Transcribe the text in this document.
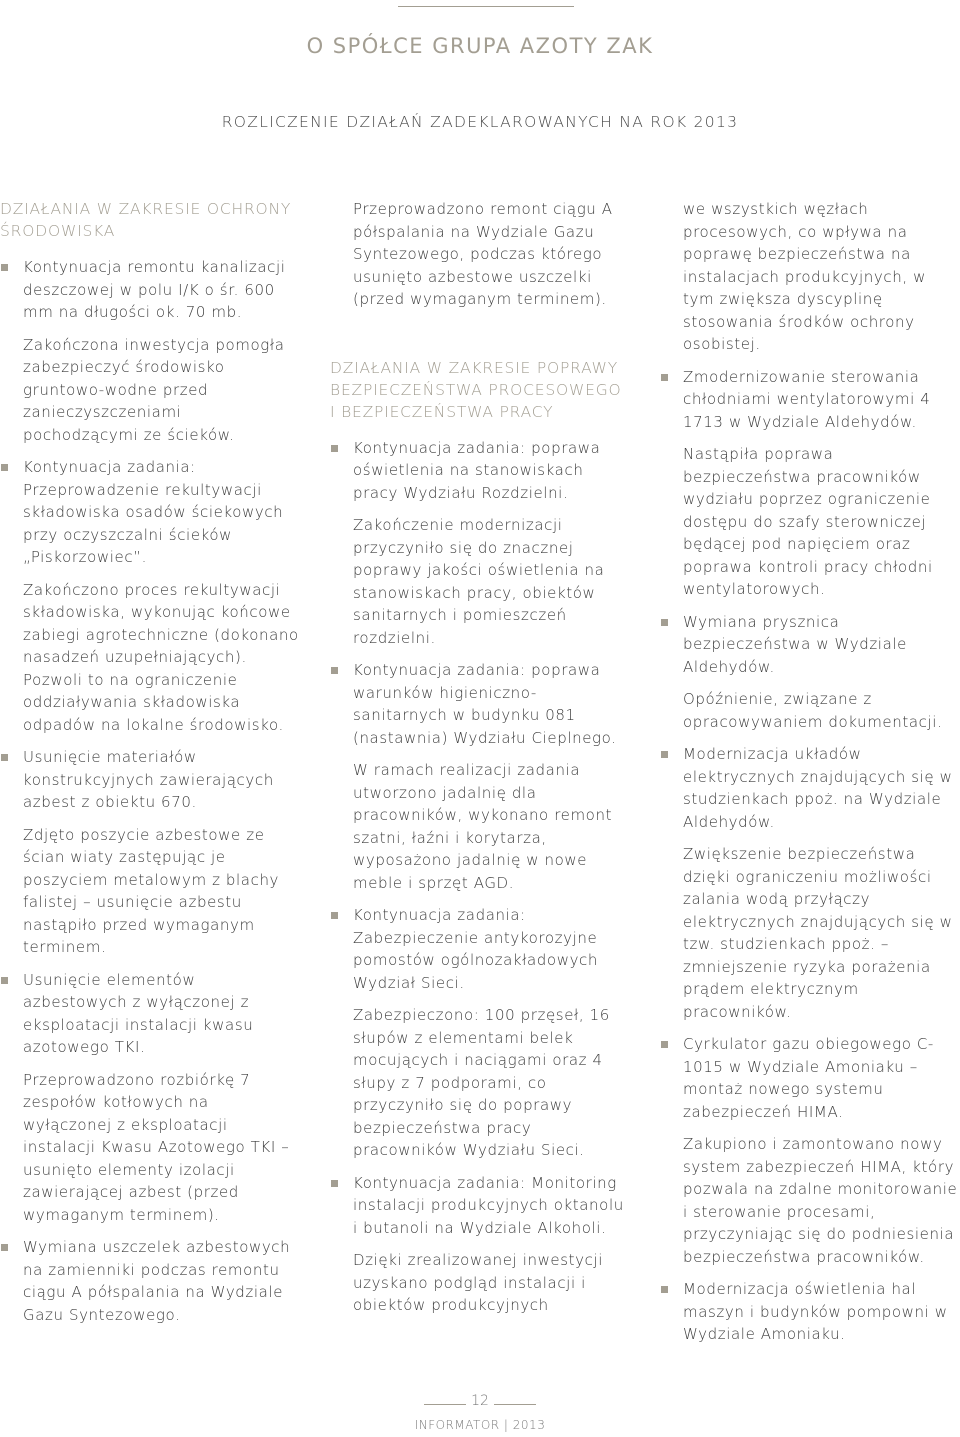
O SPÓŁCE GRUPA AZOTY ZAK
ROZLICZENIE DZIAŁAŃ ZADEKLAROWANYCH NA ROK 2013
DZIAŁANIA W ZAKRESIE OCHRONY ŚRODOWISKA

Kontynuacja remontu kanalizacji deszczowej w polu I/K o śr. 600 mm na długości ok. 70 mb.

Zakończona inwestycja pomogła zabezpieczyć środowisko gruntowo-wodne przed zanieczyszczeniami pochodzącymi ze ścieków.

Kontynuacja zadania: Przeprowadzenie rekultywacji składowiska osadów ściekowych przy oczyszczalni ścieków „Piskorzowiec”.

Zakończono proces rekultywacji składowiska, wykonując końcowe zabiegi agrotechniczne (dokonano nasadzeń uzupełniających). Pozwoli to na ograniczenie oddziaływania składowiska odpadów na lokalne środowisko.

Usunięcie materiałów konstrukcyjnych zawierających azbest z obiektu 670.

Zdjęto poszycie azbestowe ze ścian wiaty zastępując je poszyciem metalowym z blachy falistej – usunięcie azbestu nastąpiło przed wymaganym terminem.

Usunięcie elementów azbestowych z wyłączonej z eksploatacji instalacji kwasu azotowego TKI.

Przeprowadzono rozbiórkę 7 zespołów kotłowych na wyłączonej z eksploatacji instalacji Kwasu Azotowego TKI – usunięto elementy izolacji zawierającej azbest (przed wymaganym terminem).

Wymiana uszczelek azbestowych na zamienniki podczas remontu ciągu A półspalania na Wydziale Gazu Syntezowego.

Przeprowadzono remont ciągu A półspalania na Wydziale Gazu Syntezowego, podczas którego usunięto azbestowe uszczelki (przed wymaganym terminem).
DZIAŁANIA W ZAKRESIE POPRAWY BEZPIECZEŃSTWA PROCESOWEGO I BEZPIECZEŃSTWA PRACY

Kontynuacja zadania: poprawa oświetlenia na stanowiskach pracy Wydziału Rozdzielni.

Zakończenie modernizacji przyczyniło się do znacznej poprawy jakości oświetlenia na stanowiskach pracy, obiektów sanitarnych i pomieszczeń rozdzielni.

Kontynuacja zadania: poprawa warunków higieniczno-sanitarnych w budynku 081 (nastawnia) Wydziału Cieplnego.

W ramach realizacji zadania utworzono jadalnię dla pracowników, wykonano remont szatni, łaźni i korytarza, wyposażono jadalnię w nowe meble i sprzęt AGD.

Kontynuacja zadania: Zabezpieczenie antykorozyjne pomostów ogólnozakładowych Wydział Sieci.

Zabezpieczono: 100 przęseł, 16 słupów z elementami belek mocujących i naciągami oraz 4 słupy z 7 podporami, co przyczyniło się do poprawy bezpieczeństwa pracy pracowników Wydziału Sieci.

Kontynuacja zadania: Monitoring instalacji produkcyjnych oktanolu i butanoli na Wydziale Alkoholi.

Dzięki zrealizowanej inwestycji uzyskano podgląd instalacji i obiektów produkcyjnych

we wszystkich węzłach procesowych, co wpływa na poprawę bezpieczeństwa na instalacjach produkcyjnych, w tym zwiększa dyscyplinę stosowania środków ochrony osobistej.

Zmodernizowanie sterowania chłodniami wentylatorowymi 4 1713 w Wydziale Aldehydów.

Nastąpiła poprawa bezpieczeństwa pracowników wydziału poprzez ograniczenie dostępu do szafy sterowniczej będącej pod napięciem oraz poprawa kontroli pracy chłodni wentylatorowych.

Wymiana prysznica bezpieczeństwa w Wydziale Aldehydów.

Opóźnienie, związane z opracowywaniem dokumentacji.

Modernizacja układów elektrycznych znajdujących się w studzienkach ppoż. na Wydziale Aldehydów.

Zwiększenie bezpieczeństwa dzięki ograniczeniu możliwości zalania wodą przyłączy elektrycznych znajdujących się w tzw. studzienkach ppoż. – zmniejszenie ryzyka porażenia prądem elektrycznym pracowników.

Cyrkulator gazu obiegowego C-1015 w Wydziale Amoniaku – montaż nowego systemu zabezpieczeń HIMA.

Zakupiono i zamontowano nowy system zabezpieczeń HIMA, który pozwala na zdalne monitorowanie i sterowanie procesami, przyczyniając się do podniesienia bezpieczeństwa pracowników.

Modernizacja oświetlenia hal maszyn i budynków pompowni w Wydziale Amoniaku.

12
INFORMATOR | 2013
